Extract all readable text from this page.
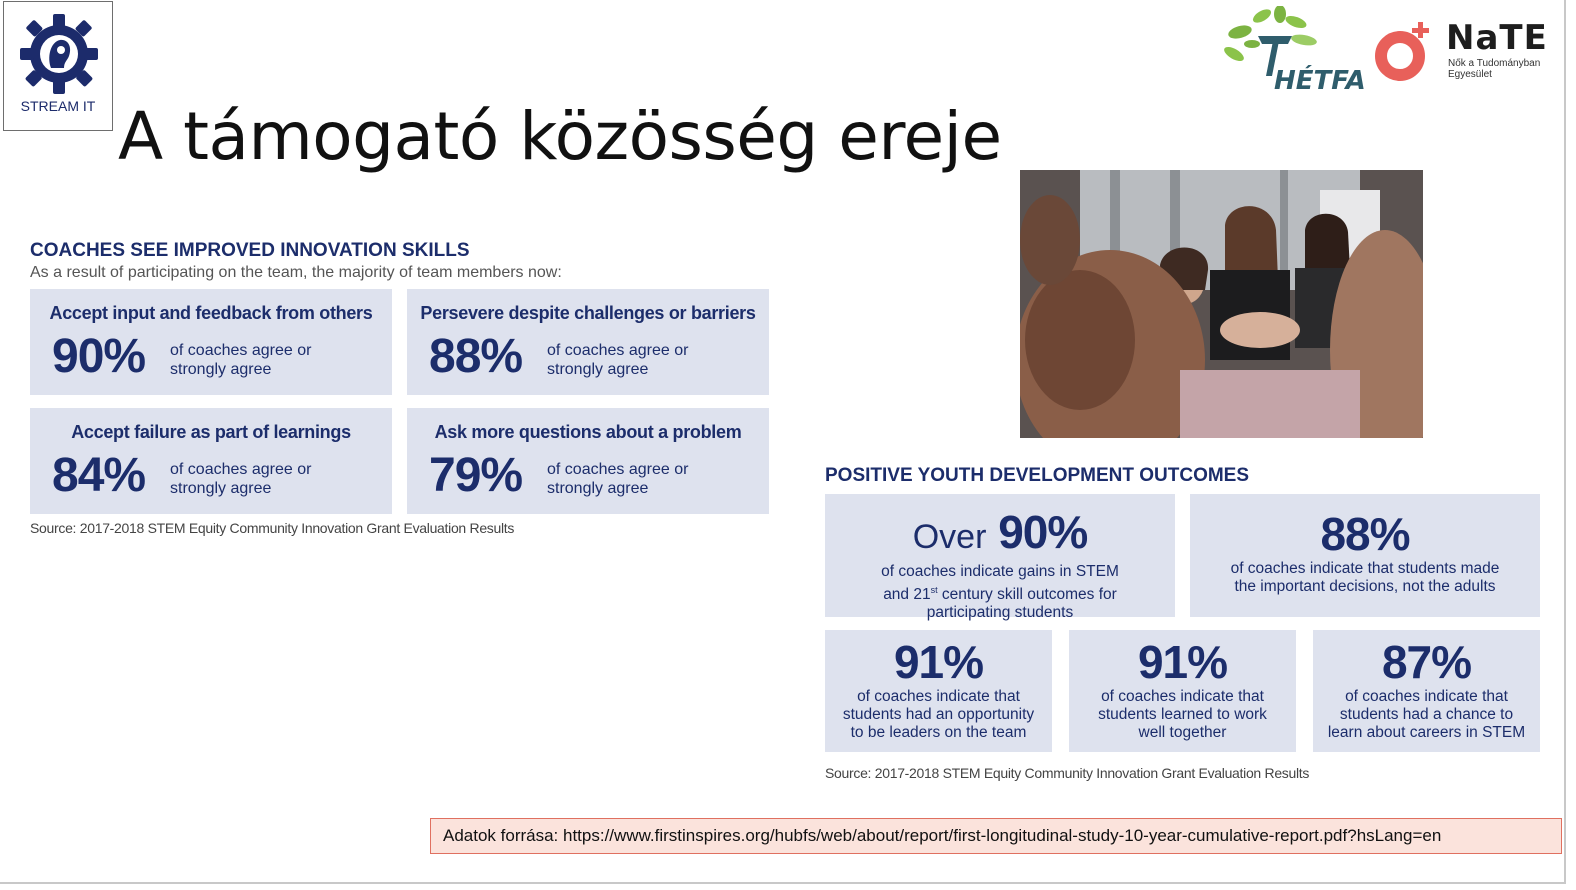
STREAM IT A támogató közösség ereje
HÉTFA
NaTE
Nők a Tudományban
Egyesület
COACHES SEE IMPROVED INNOVATION SKILLS
As a result of participating on the team, the majority of team members now:
Accept input and feedback from others
90% of coaches agree or
strongly agree
Persevere despite challenges or barriers
88% of coaches agree or
strongly agree
Accept failure as part of learnings
84% of coaches agree or
strongly agree
Ask more questions about a problem
79% of coaches agree or
strongly agree
Source: 2017-2018 STEM Equity Community Innovation Grant Evaluation Results
POSITIVE YOUTH DEVELOPMENT OUTCOMES
Over 90%
of coaches indicate gains in STEM
and 21st century skill outcomes for
participating students
88%
of coaches indicate that students made
the important decisions, not the adults
91%
of coaches indicate that
students had an opportunity
to be leaders on the team
91%
of coaches indicate that
students learned to work
well together
87%
of coaches indicate that
students had a chance to
learn about careers in STEM
Source: 2017-2018 STEM Equity Community Innovation Grant Evaluation Results
Adatok forrása: https://www.firstinspires.org/hubfs/web/about/report/first-longitudinal-study-10-year-cumulative-report.pdf?hsLang=en
